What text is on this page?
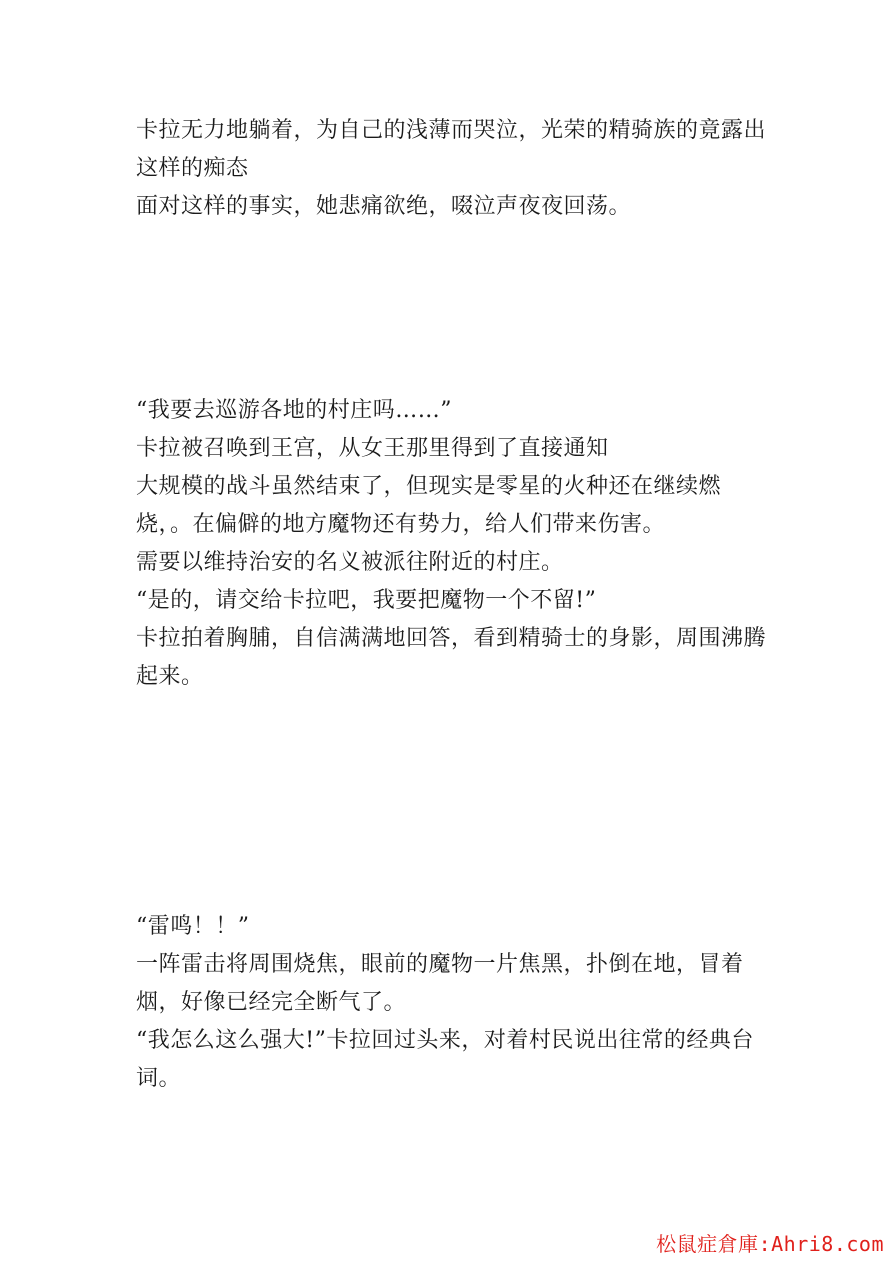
卡拉无力地躺着，为自己的浅薄而哭泣，光荣的精骑族的竟露出这样的痴态

面对这样的事实，她悲痛欲绝，啜泣声夜夜回荡。

“我要去巡游各地的村庄吗……”

卡拉被召唤到王宫，从女王那里得到了直接通知

大规模的战斗虽然结束了，但现实是零星的火种还在继续燃烧，。在偏僻的地方魔物还有势力，给人们带来伤害。

需要以维持治安的名义被派往附近的村庄。

“是的，请交给卡拉吧，我要把魔物一个不留!”

卡拉拍着胸脯，自信满满地回答，看到精骑士的身影，周围沸腾起来。

“雷鸣！！”

一阵雷击将周围烧焦，眼前的魔物一片焦黑，扑倒在地，冒着烟，好像已经完全断气了。

“我怎么这么强大!”卡拉回过头来，对着村民说出往常的经典台词。

松鼠症倉庫:Ahri8.com
